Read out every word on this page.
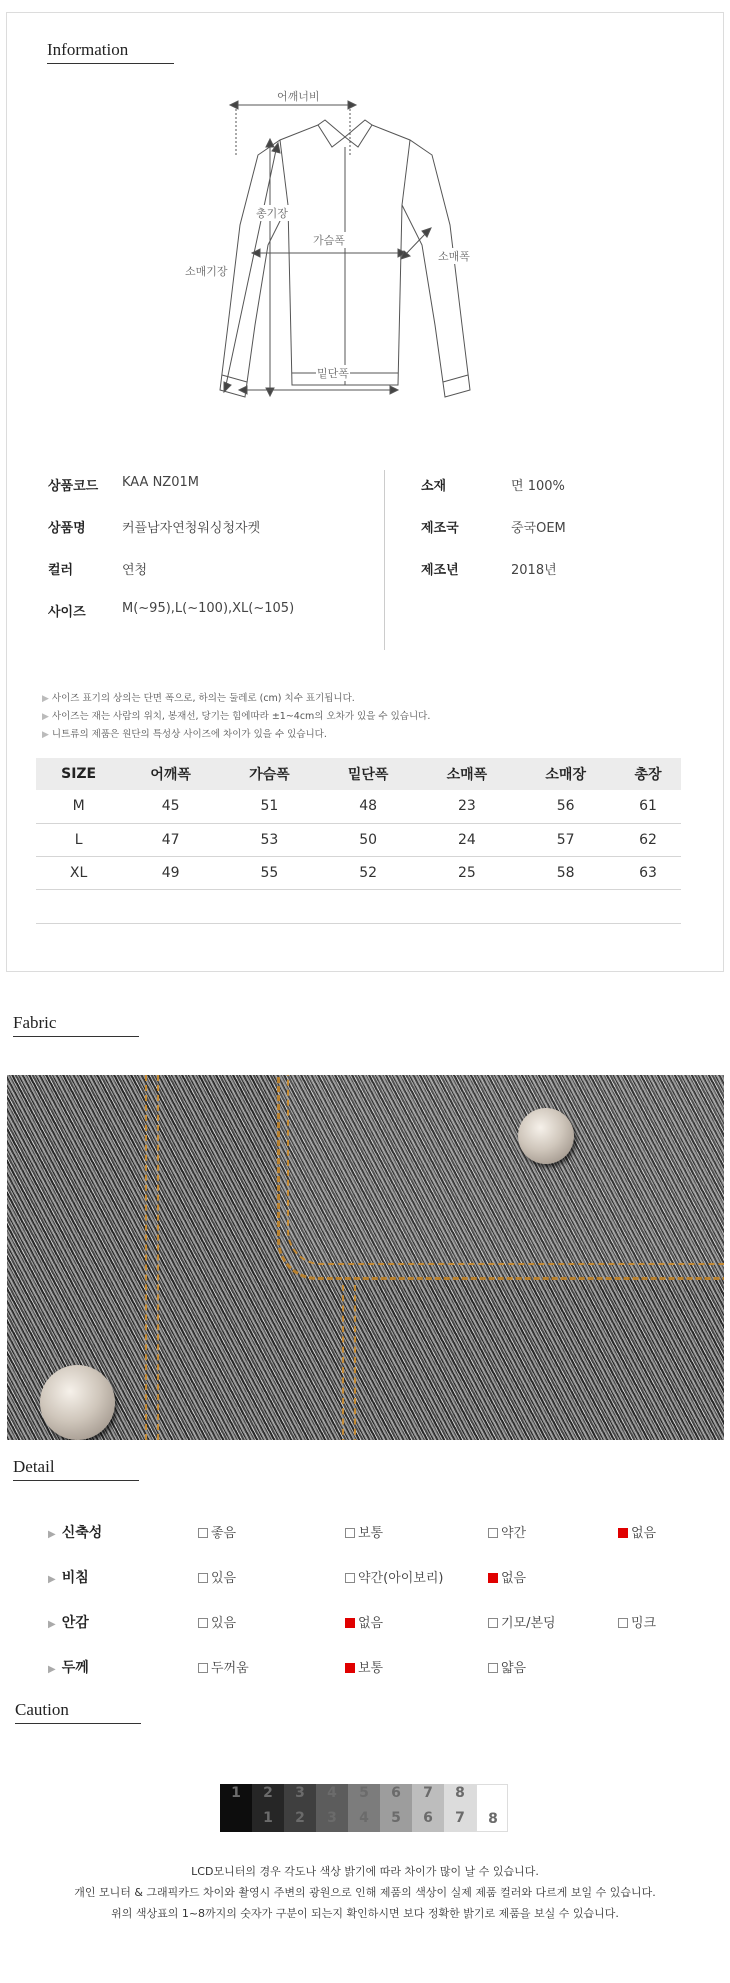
Information
어깨너비
총기장
가슴폭
소매폭
소매기장
밑단폭
상품코드 KAA NZ01M
상품명	커플남자연청워싱청자켓
컬러	연청
사이즈	M(~95),L(~100),XL(~105)
소재	면 100%
제조국	중국OEM
제조년	2018년
▶ 사이즈 표기의 상의는 단면 폭으로, 하의는 둘레로 (cm) 치수 표기됩니다.
▶ 사이즈는 재는 사람의 위치, 봉재선, 당기는 힘에따라 ±1~4cm의 오차가 있을 수 있습니다.
▶ 니트류의 제품은 원단의 특성상 사이즈에 차이가 있을 수 있습니다.
SIZE	어깨폭	가슴폭	밑단폭	소매폭	소매장	총장
M	45	51	48	23	56	61
L	47	53	50	24	57	62
XL	49	55	52	25	58	63

Fabric
Detail
▶ 신축성	좋음	보통	약간	없음
▶ 비침	있음	약간(아이보리)	없음
▶ 안감	있음	없음	기모/본딩	밍크
▶ 두께	두꺼움	보통	얇음
Caution
1	2
1
3
2
4
3
5
4
6
5
7
6
8
7	8
LCD모니터의 경우 각도나 색상 밝기에 따라 차이가 많이 날 수 있습니다.
개인 모니터 & 그래픽카드 차이와 촬영시 주변의 광원으로 인해 제품의 색상이 실제 제품 컬러와 다르게 보일 수 있습니다.
위의 색상표의 1~8까지의 숫자가 구분이 되는지 확인하시면 보다 정확한 밝기로 제품을 보실 수 있습니다.
